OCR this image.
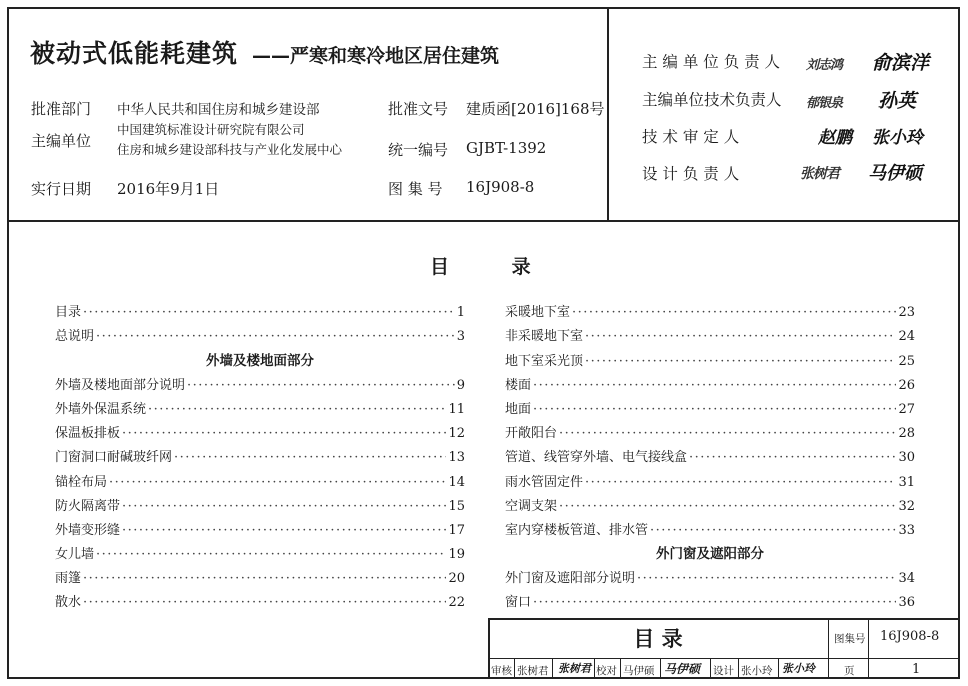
被动式低能耗建筑 ——严寒和寒冷地区居住建筑
批准部门 中华人民共和国住房和城乡建设部
主编单位
中国建筑标准设计研究院有限公司
住房和城乡建设部科技与产业化发展中心
实行日期 2016年9月1日
批准文号 建质函[2016]168号
统一编号 GJBT-1392
图 集 号 16J908-8
主 编 单 位 负 责 人 刘志鸿 俞滨洋
主编单位技术负责人 郁银泉 孙英
技 术 审 定 人	赵鹏 张小玲
设 计 负 责 人	张树君 马伊硕
目	录
目录 ·····	1
总说明 ·····	3
外墙及楼地面部分
外墙及楼地面部分说明 ·····	9
外墙外保温系统 ·····	11
保温板排板 ·····	12
门窗洞口耐碱玻纤网 ·····	13
锚栓布局 ·····	14
防火隔离带 ·····	15
外墙变形缝 ·····	17
女儿墙 ·····	19
雨篷 ·····	20
散水 ·····	22
采暖地下室 ·····	23
非采暖地下室 ·····	24
地下室采光顶 ·····	25
楼面 ·····	26
地面 ·····	27
开敞阳台 ·····	28
管道、线管穿外墙、电气接线盒 ·····	30
雨水管固定件 ·····	31
空调支架 ·····	32
室内穿楼板管道、排水管 ·····	33
外门窗及遮阳部分
外门窗及遮阳部分说明 ·····	34
窗口 ·····	36
目 录	图集号 16J908-8
审核 张树君 张树君 校对 马伊硕 马伊硕 设计 张小玲 张小玲	页	1
